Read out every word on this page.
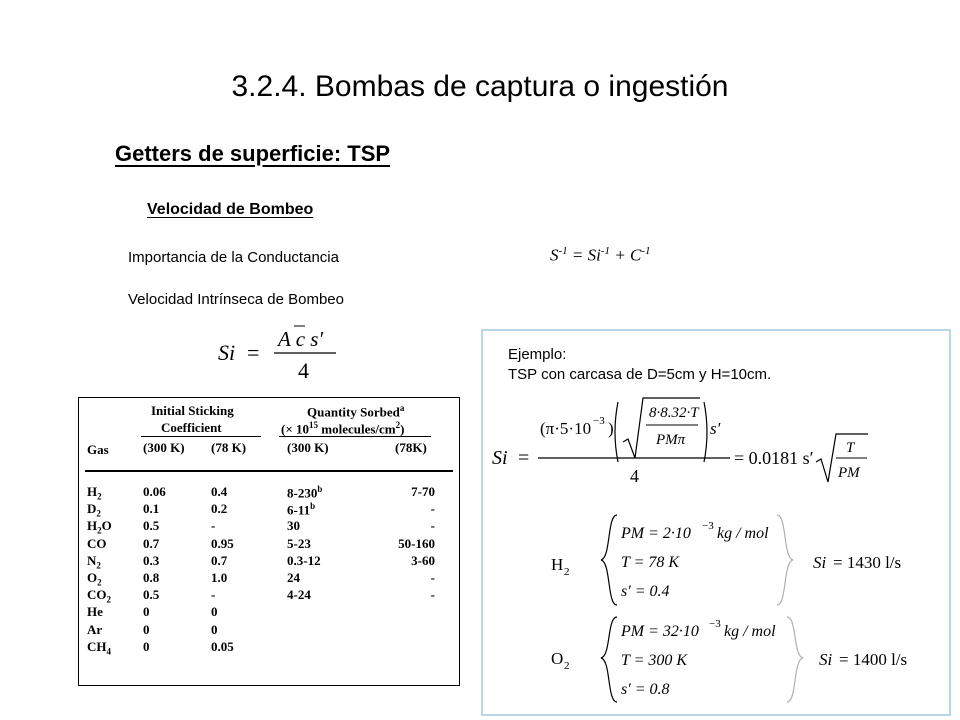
3.2.4. Bombas de captura o ingestión
Getters de superficie: TSP
Velocidad de Bombeo
Importancia de la Conductancia
Velocidad Intrínseca de Bombeo
$S^{-1} = Si^{-1} + C^{-1}$
Si =
A c s′
4
Ejemplo:
TSP con carcasa de D=5cm y H=10cm.
Si =
(π·5·10 −3 )
8·8.32·T
PMπ
s′
4
= 0.0181 s′ T
PM
H 2
PM = 2·10 −3 kg / mol
T = 78 K
s′ = 0.4
Si = 1430 l/s
O 2
PM = 32·10 −3 kg / mol
T = 300 K
s′ = 0.8
Si = 1400 l/s
Initial Sticking
Coefficient
Quantity Sorbed$^a$
(× $10^{15}$ molecules/$cm^2$)
Gas	(300 K) (78 K)	(300 K)	(78K)
$H_2$	0.06	0.4	8-230$^b$	7-70
$D_2$	0.1	0.2	6-11$^b$	-
$H_2O$ 0.5	-	30	-
CO	0.7	0.95	5-23	50-160
$N_2$	0.3	0.7	0.3-12	3-60
$O_2$	0.8	1.0	24	-
$CO_2$ 0.5	-	4-24	-
He	0	0
Ar	0	0
$CH_4$ 0	0.05
